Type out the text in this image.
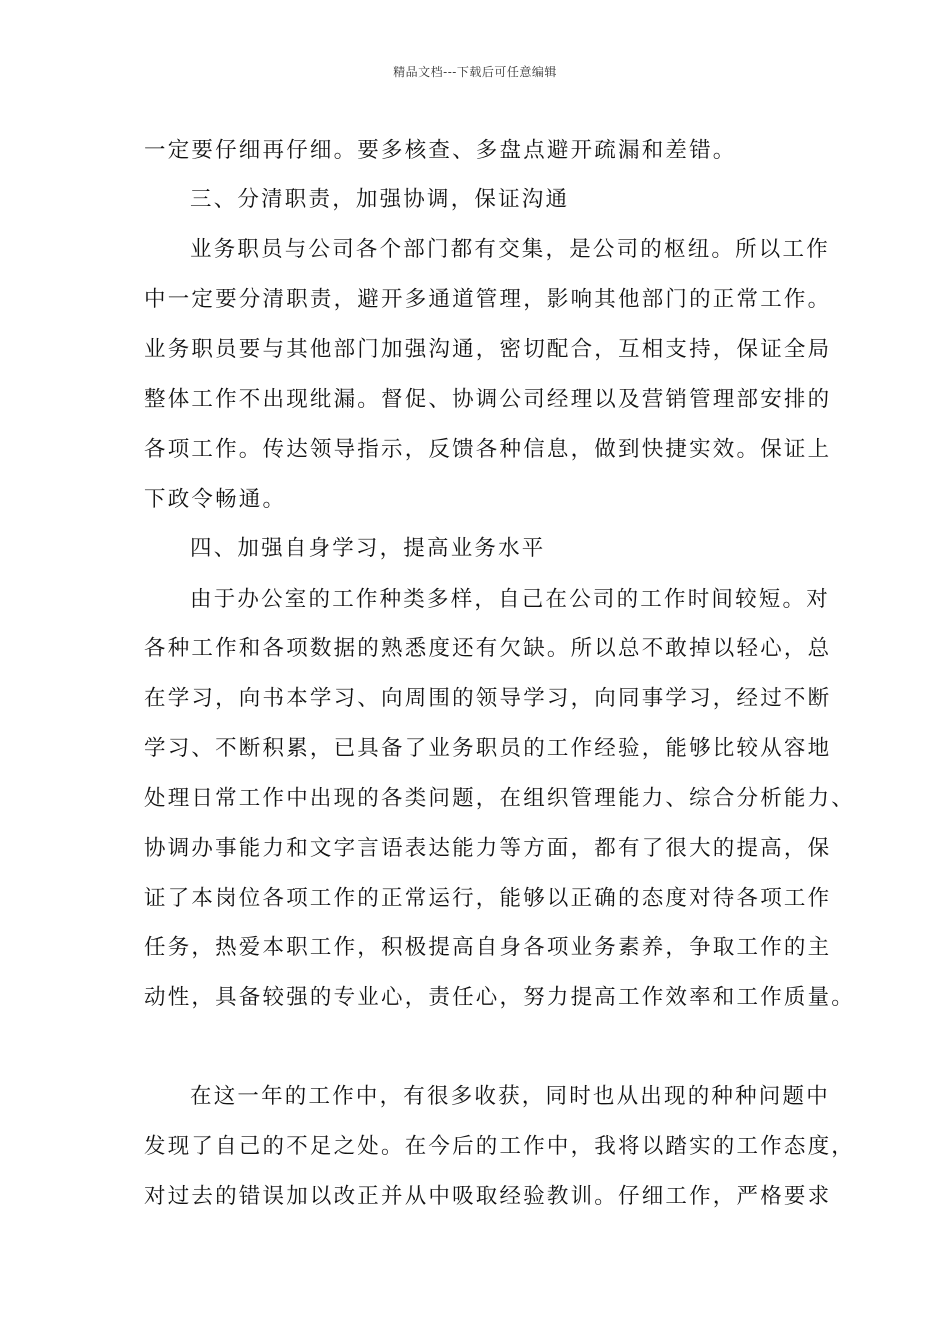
精品文档---下载后可任意编辑
一定要仔细再仔细。要多核查、多盘点避开疏漏和差错。
三、分清职责，加强协调，保证沟通
业务职员与公司各个部门都有交集，是公司的枢纽。所以工作
中一定要分清职责，避开多通道管理，影响其他部门的正常工作。
业务职员要与其他部门加强沟通，密切配合，互相支持，保证全局
整体工作不出现纰漏。督促、协调公司经理以及营销管理部安排的
各项工作。传达领导指示，反馈各种信息，做到快捷实效。保证上
下政令畅通。
四、加强自身学习，提高业务水平
由于办公室的工作种类多样，自己在公司的工作时间较短。对
各种工作和各项数据的熟悉度还有欠缺。所以总不敢掉以轻心，总
在学习，向书本学习、向周围的领导学习，向同事学习，经过不断
学习、不断积累，已具备了业务职员的工作经验，能够比较从容地
处理日常工作中出现的各类问题，在组织管理能力、综合分析能力、
协调办事能力和文字言语表达能力等方面，都有了很大的提高，保
证了本岗位各项工作的正常运行，能够以正确的态度对待各项工作
任务，热爱本职工作，积极提高自身各项业务素养，争取工作的主
动性，具备较强的专业心，责任心，努力提高工作效率和工作质量。
在这一年的工作中，有很多收获，同时也从出现的种种问题中
发现了自己的不足之处。在今后的工作中，我将以踏实的工作态度，
对过去的错误加以改正并从中吸取经验教训。仔细工作，严格要求
